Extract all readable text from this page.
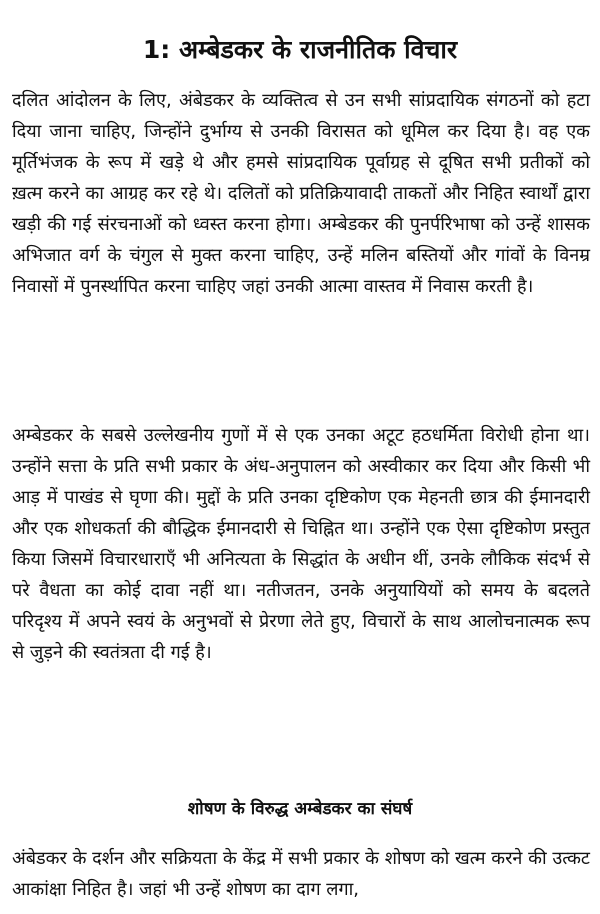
1: अम्बेडकर के राजनीतिक विचार

दलित आंदोलन के लिए, अंबेडकर के व्यक्तित्व से उन सभी सांप्रदायिक संगठनों को हटा दिया जाना चाहिए, जिन्होंने दुर्भाग्य से उनकी विरासत को धूमिल कर दिया है। वह एक मूर्तिभंजक के रूप में खड़े थे और हमसे सांप्रदायिक पूर्वाग्रह से दूषित सभी प्रतीकों को ख़त्म करने का आग्रह कर रहे थे। दलितों को प्रतिक्रियावादी ताकतों और निहित स्वार्थों द्वारा खड़ी की गई संरचनाओं को ध्वस्त करना होगा। अम्बेडकर की पुनर्परिभाषा को उन्हें शासक अभिजात वर्ग के चंगुल से मुक्त करना चाहिए, उन्हें मलिन बस्तियों और गांवों के विनम्र निवासों में पुनर्स्थापित करना चाहिए जहां उनकी आत्मा वास्तव में निवास करती है।

अम्बेडकर के सबसे उल्लेखनीय गुणों में से एक उनका अटूट हठधर्मिता विरोधी होना था। उन्होंने सत्ता के प्रति सभी प्रकार के अंध-अनुपालन को अस्वीकार कर दिया और किसी भी आड़ में पाखंड से घृणा की। मुद्दों के प्रति उनका दृष्टिकोण एक मेहनती छात्र की ईमानदारी और एक शोधकर्ता की बौद्धिक ईमानदारी से चिह्नित था। उन्होंने एक ऐसा दृष्टिकोण प्रस्तुत किया जिसमें विचारधाराएँ भी अनित्यता के सिद्धांत के अधीन थीं, उनके लौकिक संदर्भ से परे वैधता का कोई दावा नहीं था। नतीजतन, उनके अनुयायियों को समय के बदलते परिदृश्य में अपने स्वयं के अनुभवों से प्रेरणा लेते हुए, विचारों के साथ आलोचनात्मक रूप से जुड़ने की स्वतंत्रता दी गई है।

शोषण के विरुद्ध अम्बेडकर का संघर्ष

अंबेडकर के दर्शन और सक्रियता के केंद्र में सभी प्रकार के शोषण को खत्म करने की उत्कट आकांक्षा निहित है। जहां भी उन्हें शोषण का दाग लगा,
